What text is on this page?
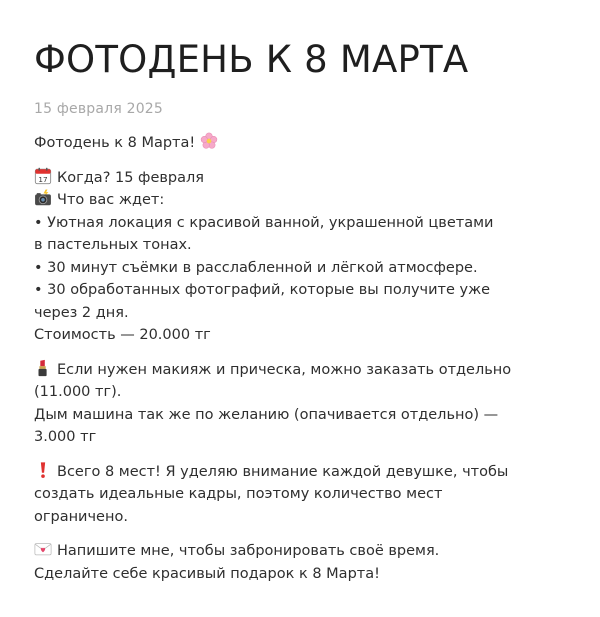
ФОТОДЕНЬ К 8 МАРТА
15 февраля 2025

Фотодень к 8 Марта!

17 Когда? 15 февраля
Что вас ждет:
• Уютная локация с красивой ванной, украшенной цветами
в пастельных тонах.
• 30 минут съёмки в расслабленной и лёгкой атмосфере.
• 30 обработанных фотографий, которые вы получите уже
через 2 дня.
Стоимость — 20.000 тг

Если нужен макияж и прическа, можно заказать отдельно
(11.000 тг).
Дым машина так же по желанию (опачивается отдельно) —
3.000 тг

Всего 8 мест! Я уделяю внимание каждой девушке, чтобы
создать идеальные кадры, поэтому количество мест
ограничено.

Напишите мне, чтобы забронировать своё время.
Сделайте себе красивый подарок к 8 Марта!
